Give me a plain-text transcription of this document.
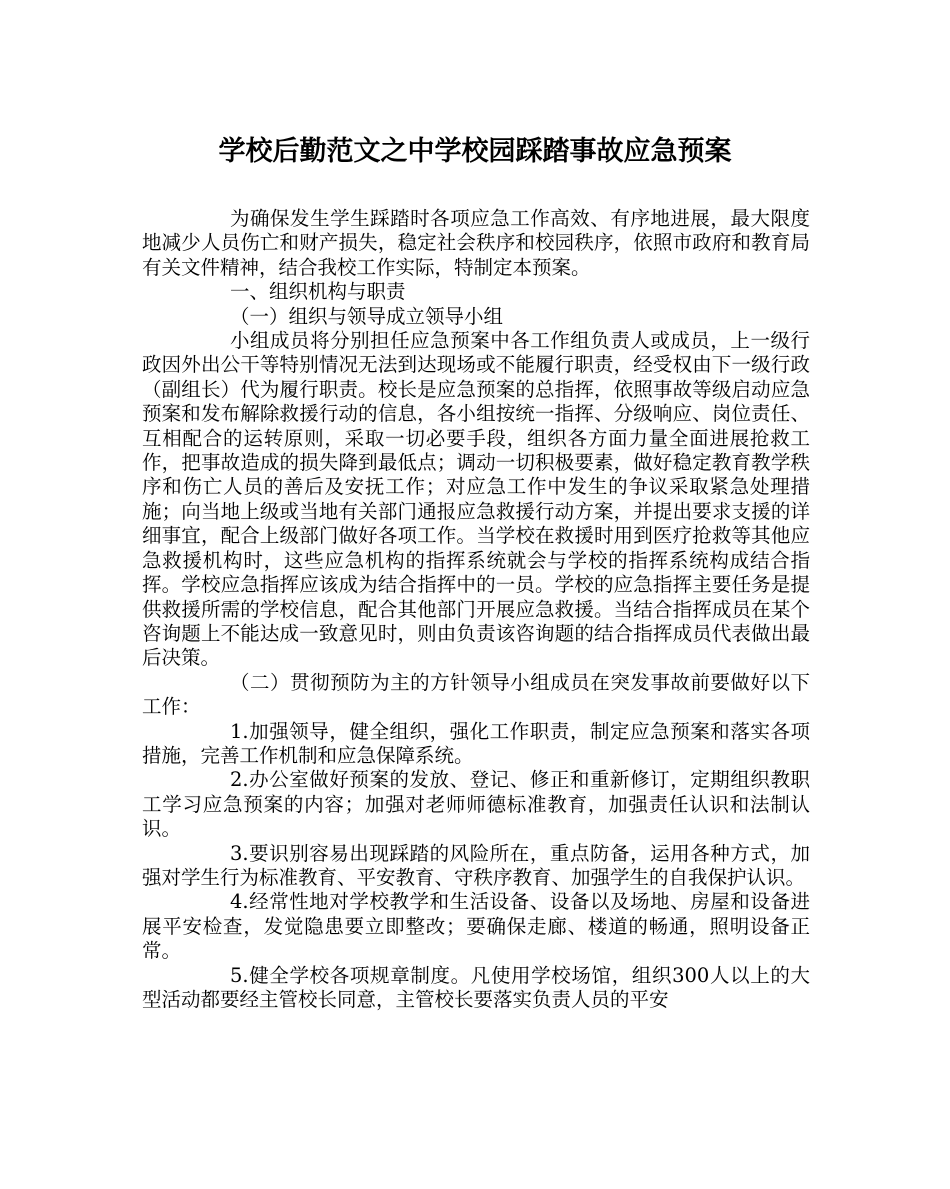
学校后勤范文之中学校园踩踏事故应急预案

为确保发生学生踩踏时各项应急工作高效、有序地进展，最大限度地减少人员伤亡和财产损失，稳定社会秩序和校园秩序，依照市政府和教育局有关文件精神，结合我校工作实际，特制定本预案。

一、组织机构与职责

（一）组织与领导成立领导小组

小组成员将分别担任应急预案中各工作组负责人或成员，上一级行政因外出公干等特别情况无法到达现场或不能履行职责，经受权由下一级行政（副组长）代为履行职责。校长是应急预案的总指挥，依照事故等级启动应急预案和发布解除救援行动的信息，各小组按统一指挥、分级响应、岗位责任、互相配合的运转原则，采取一切必要手段，组织各方面力量全面进展抢救工作，把事故造成的损失降到最低点；调动一切积极要素，做好稳定教育教学秩序和伤亡人员的善后及安抚工作；对应急工作中发生的争议采取紧急处理措施；向当地上级或当地有关部门通报应急救援行动方案，并提出要求支援的详细事宜，配合上级部门做好各项工作。当学校在救援时用到医疗抢救等其他应急救援机构时，这些应急机构的指挥系统就会与学校的指挥系统构成结合指挥。学校应急指挥应该成为结合指挥中的一员。学校的应急指挥主要任务是提供救援所需的学校信息，配合其他部门开展应急救援。当结合指挥成员在某个咨询题上不能达成一致意见时，则由负责该咨询题的结合指挥成员代表做出最后决策。

（二）贯彻预防为主的方针领导小组成员在突发事故前要做好以下工作：

1.加强领导，健全组织，强化工作职责，制定应急预案和落实各项措施，完善工作机制和应急保障系统。

2.办公室做好预案的发放、登记、修正和重新修订，定期组织教职工学习应急预案的内容；加强对老师师德标准教育，加强责任认识和法制认识。

3.要识别容易出现踩踏的风险所在，重点防备，运用各种方式，加强对学生行为标准教育、平安教育、守秩序教育、加强学生的自我保护认识。

4.经常性地对学校教学和生活设备、设备以及场地、房屋和设备进展平安检查，发觉隐患要立即整改；要确保走廊、楼道的畅通，照明设备正常。

5.健全学校各项规章制度。凡使用学校场馆，组织300人以上的大型活动都要经主管校长同意，主管校长要落实负责人员的平安
